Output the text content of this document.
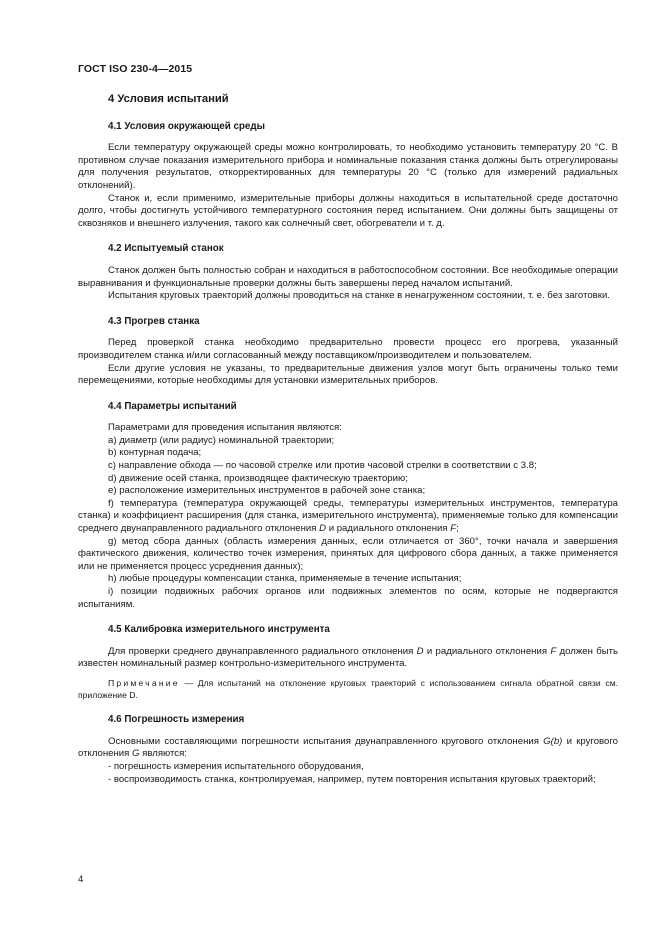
ГОСТ ISO 230-4—2015
4 Условия испытаний
4.1 Условия окружающей среды

Если температуру окружающей среды можно контролировать, то необходимо установить температуру 20 °С. В противном случае показания измерительного прибора и номинальные показания станка должны быть отрегулированы для получения результатов, откорректированных для температуры 20 °С (только для измерений радиальных отклонений).

Станок и, если применимо, измерительные приборы должны находиться в испытательной среде достаточно долго, чтобы достигнуть устойчивого температурного состояния перед испытанием. Они должны быть защищены от сквозняков и внешнего излучения, такого как солнечный свет, обогреватели и т. д.

4.2 Испытуемый станок

Станок должен быть полностью собран и находиться в работоспособном состоянии. Все необходимые операции выравнивания и функциональные проверки должны быть завершены перед началом испытаний.

Испытания круговых траекторий должны проводиться на станке в ненагруженном состоянии, т. е. без заготовки.

4.3 Прогрев станка

Перед проверкой станка необходимо предварительно провести процесс его прогрева, указанный производителем станка и/или согласованный между поставщиком/производителем и пользователем.

Если другие условия не указаны, то предварительные движения узлов могут быть ограничены только теми перемещениями, которые необходимы для установки измерительных приборов.

4.4 Параметры испытаний

Параметрами для проведения испытания являются:

a) диаметр (или радиус) номинальной траектории;

b) контурная подача;

c) направление обхода — по часовой стрелке или против часовой стрелки в соответствии с 3.8;

d) движение осей станка, производящее фактическую траекторию;

e) расположение измерительных инструментов в рабочей зоне станка;

f) температура (температура окружающей среды, температуры измерительных инструментов, температура станка) и коэффициент расширения (для станка, измерительного инструмента), применяемые только для компенсации среднего двунаправленного радиального отклонения D и радиального отклонения F;

g) метод сбора данных (область измерения данных, если отличается от 360°, точки начала и завершения фактического движения, количество точек измерения, принятых для цифрового сбора данных, а также применяется или не применяется процесс усреднения данных);

h) любые процедуры компенсации станка, применяемые в течение испытания;

i) позиции подвижных рабочих органов или подвижных элементов по осям, которые не подвергаются испытаниям.

4.5 Калибровка измерительного инструмента

Для проверки среднего двунаправленного радиального отклонения D и радиального отклонения F должен быть известен номинальный размер контрольно-измерительного инструмента.

Примечание — Для испытаний на отклонение круговых траекторий с использованием сигнала обратной связи см. приложение D.

4.6 Погрешность измерения

Основными составляющими погрешности испытания двунаправленного кругового отклонения G(b) и кругового отклонения G являются:

- погрешность измерения испытательного оборудования,

- воспроизводимость станка, контролируемая, например, путем повторения испытания круговых траекторий;

4
